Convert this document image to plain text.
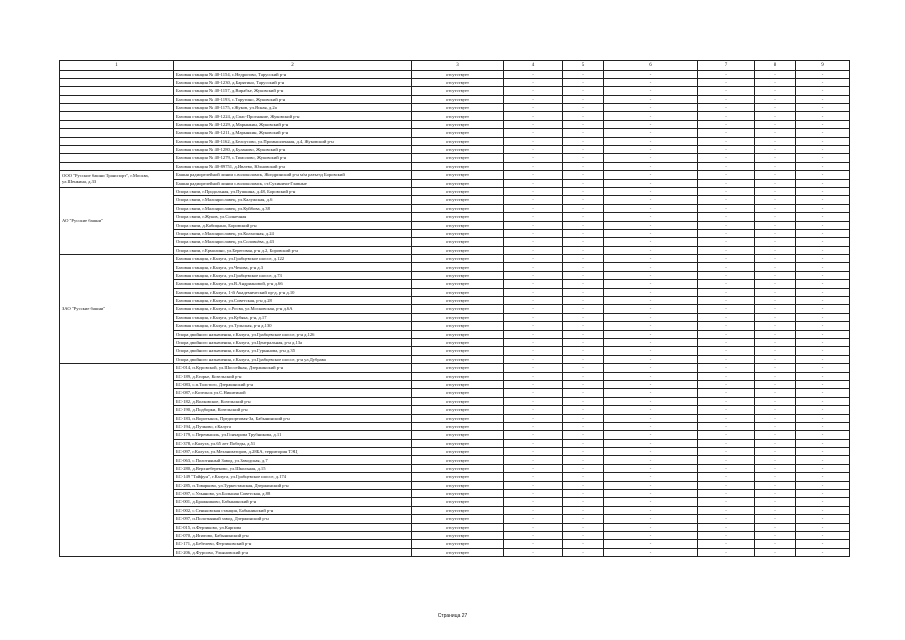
1	2	3	4	5	6	7	8	9
	Базовая станция № 40-1154, с.Недрогово, Тарусский р-н	отсутствует	-	-	-	-	-	-
	Базовая станция № 40-1230, д.Барятино, Тарусский р-н	отсутствует	-	-	-	-	-	-
	Базовая станция № 40-1157, д.Вирабье, Жуковский р-н	отсутствует	-	-	-	-	-	-
	Базовая станция № 40-1193, с.Тарутино, Жуковский р-н	отсутствует	-	-	-	-	-	-
	Базовая станция № 40-1175, г.Жуков, ул.Ясная, д.2а	отсутствует	-	-	-	-	-	-
	Базовая станция № 40-1224, д.Спас-Прогнание, Жуковский р-н	отсутствует	-	-	-	-	-	-
	Базовая станция № 40-1229, д.Марынкин, Жуковский р-н	отсутствует	-	-	-	-	-	-
	Базовая станция № 40-1211, д.Марынкин, Жуковский р-н	отсутствует	-	-	-	-	-	-
	Базовая станция № 40-1162, д.Белоусово, ул.Промышленная, д.4, Жуковский р-н	отсутствует	-	-	-	-	-	-
	Базовая станция № 40-1280, д.Буланово, Жуковский р-н	отсутствует	-	-	-	-	-	-
	Базовая станция № 40-1279, с.Тимолово, Жуковский р-н	отсутствует	-	-	-	-	-	-
	Базовая станция № 40-89751, д.Ивлево, Юхновский р-н	отсутствует	-	-	-	-	-	-
ООО "Русские башни Транспорт", г.Москва, ул.Шенкина, д.33	Башня радиорелейной линии с.волоколамск, Жиздринский р-н м/м разъезд Боровский	отсутствует	-	-	-	-	-	-
	Башня радиорелейной линии с.волоколамск, ст.Сухиничи-Главные	отсутствует	-	-	-	-	-	-
АО "Русские башни"	Опора связи, г.Продольная, ул.Пушкина, д.48, Боровский р-н	отсутствует	-	-	-	-	-	-
	Опора связи, г.Малоярославец, ул.Калужская, д.6	отсутствует	-	-	-	-	-	-
	Опора связи, г.Малоярославец, ул.Куйбова, д.38	отсутствует	-	-	-	-	-	-
	Опора связи, г.Жуков, ул.Солнечная	отсутствует	-	-	-	-	-	-
	Опора связи, д.Кабицыно, Боровский р-н	отсутствует	-	-	-	-	-	-
	Опора связи, г.Малоярославец, ул.Колхозная, д.24	отсутствует	-	-	-	-	-	-
	Опора связи, г.Малоярославец, ул.Соловьёва, д.43	отсутствует	-	-	-	-	-	-
	Опора связи, г.Ермолино, ул.Береговая, р-н д.2, Боровский р-н	отсутствует	-	-	-	-	-	-
ЗАО "Русские башни"	Базовая станция, г.Калуга, ул.Грабцевское шоссе, д.122	отсутствует	-	-	-	-	-	-
	Базовая станция, г.Калуга, ул.Чехова, р-н д.3	отсутствует	-	-	-	-	-	-
	Базовая станция, г.Калуга, ул.Грабцевское шоссе, д.73	отсутствует	-	-	-	-	-	-
	Базовая станция, г.Калуга, ул.В.Андриановой, р-н д.66	отсутствует	-	-	-	-	-	-
	Базовая станция, г.Калуга, 1-й Академический пр-д, р-н д.10	отсутствует	-	-	-	-	-	-
	Базовая станция, г.Калуга, ул.Советская, р-н д.28	отсутствует	-	-	-	-	-	-
	Базовая станция, г.Калуга, с.Росва, ул.Московская, р-н д.6А	отсутствует	-	-	-	-	-	-
	Базовая станция, г.Калуга, ул.Кубяка, р-н, д.17	отсутствует	-	-	-	-	-	-
	Базовая станция, г.Калуга, ул.Тульская, р-н д.130	отсутствует	-	-	-	-	-	-
	Опора двойного назначения, г.Калуга, ул.Грабцевское шоссе, р-н д.126	отсутствует	-	-	-	-	-	-
	Опора двойного назначения, г.Калуга, ул.Центральная, р-н д.13а	отсутствует	-	-	-	-	-	-
	Опора двойного назначения, г.Калуга, ул.Гурьянова, р-н д.35	отсутствует	-	-	-	-	-	-
	Опора двойного назначения, г.Калуга, ул.Грабцевское шоссе, р-н ул.Дубрава	отсутствует	-	-	-	-	-	-
	БС-014, п.Куровской, ул.Шоссейная, Дзержинский р-н	отсутствует	-	-	-	-	-	-
	БС-189, д.Егорье, Козельский р-н	отсутствует	-	-	-	-	-	-
	БС-083, с.п.Толстого, Дзержинский р-н	отсутствует	-	-	-	-	-	-
	БС-087, г.Козельск ул.С.Никитиной	отсутствует	-	-	-	-	-	-
	БС-182, д.Волковское, Козельский р-н	отсутствует	-	-	-	-	-	-
	БС-190, д.Подборки, Козельский р-н	отсутствует	-	-	-	-	-	-
	БС-183, п.Воротынск, Предпортовая-3а, Бабынинский р-н	отсутствует	-	-	-	-	-	-
	БС-194, д.Пучково, г.Калуга	отсутствует	-	-	-	-	-	-
	БС-179, с.Перемышль, ул.Гончарова Трубникова, д.11	отсутствует	-	-	-	-	-	-
	БС-378, г.Калуга, ул.65 лет Победы, д.51	отсутствует	-	-	-	-	-	-
	БС-097, г.Калуга, ул.Механизаторов, д.28БА, территория ТЭЦ	отсутствует	-	-	-	-	-	-
	БС-063, с.Полотняный Завод, ул.Заводская, д.7	отсутствует	-	-	-	-	-	-
	БС-280, д.Верхнебереково, ул.Школьная, д.15	отсутствует	-	-	-	-	-	-
	БС-149 "Тайфун", г.Калуга, ул.Грабцевское шоссе, д.174	отсутствует	-	-	-	-	-	-
	БС-285, п.Товарково, ул.Туркестанская, Дзержинский р-н	отсутствует	-	-	-	-	-	-
	БС-097, с.Ульяново, ул.Большая Советская, д.88	отсутствует	-	-	-	-	-	-
	БС-001, д.Бражниково, Бабынинский р-н	отсутствует	-	-	-	-	-	-
	БС-002, с.Сеньковская станция, Бабынинский р-н	отсутствует	-	-	-	-	-	-
	БС-097, п.Полотняный завод, Дзержинский р-н	отсутствует	-	-	-	-	-	-
	БС-015, п.Ферзиково, ул.Карпова	отсутствует	-	-	-	-	-	-
	БС-070, д.Ипатово, Бабынинский р-н	отсутствует	-	-	-	-	-	-
	БС-171, д.Бебелево, Ферзиковский р-н	отсутствует	-	-	-	-	-	-
	БС-206, д.Фурсово, Ульяновский р-н	отсутствует	-	-	-	-	-	-
Страница 27
